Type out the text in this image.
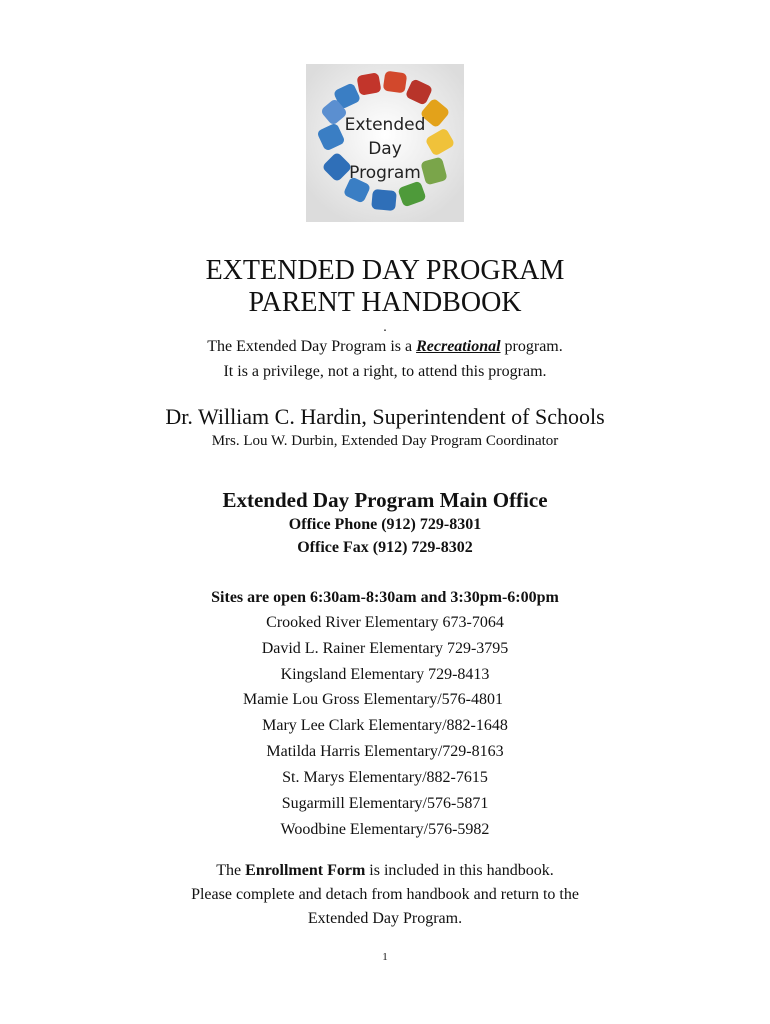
Extended
Day
Program
EXTENDED DAY PROGRAM
PARENT HANDBOOK
.
The Extended Day Program is a Recreational program.
It is a privilege, not a right, to attend this program.
Dr. William C. Hardin, Superintendent of Schools
Mrs. Lou W. Durbin, Extended Day Program Coordinator
Extended Day Program Main Office
Office Phone (912) 729-8301
Office Fax (912) 729-8302
Sites are open 6:30am-8:30am and 3:30pm-6:00pm
Crooked River Elementary 673-7064
David L. Rainer Elementary 729-3795
Kingsland Elementary 729-8413
Mamie Lou Gross Elementary/576-4801
Mary Lee Clark Elementary/882-1648
Matilda Harris Elementary/729-8163
St. Marys Elementary/882-7615
Sugarmill Elementary/576-5871
Woodbine Elementary/576-5982
The Enrollment Form is included in this handbook.
Please complete and detach from handbook and return to the
Extended Day Program.
1
